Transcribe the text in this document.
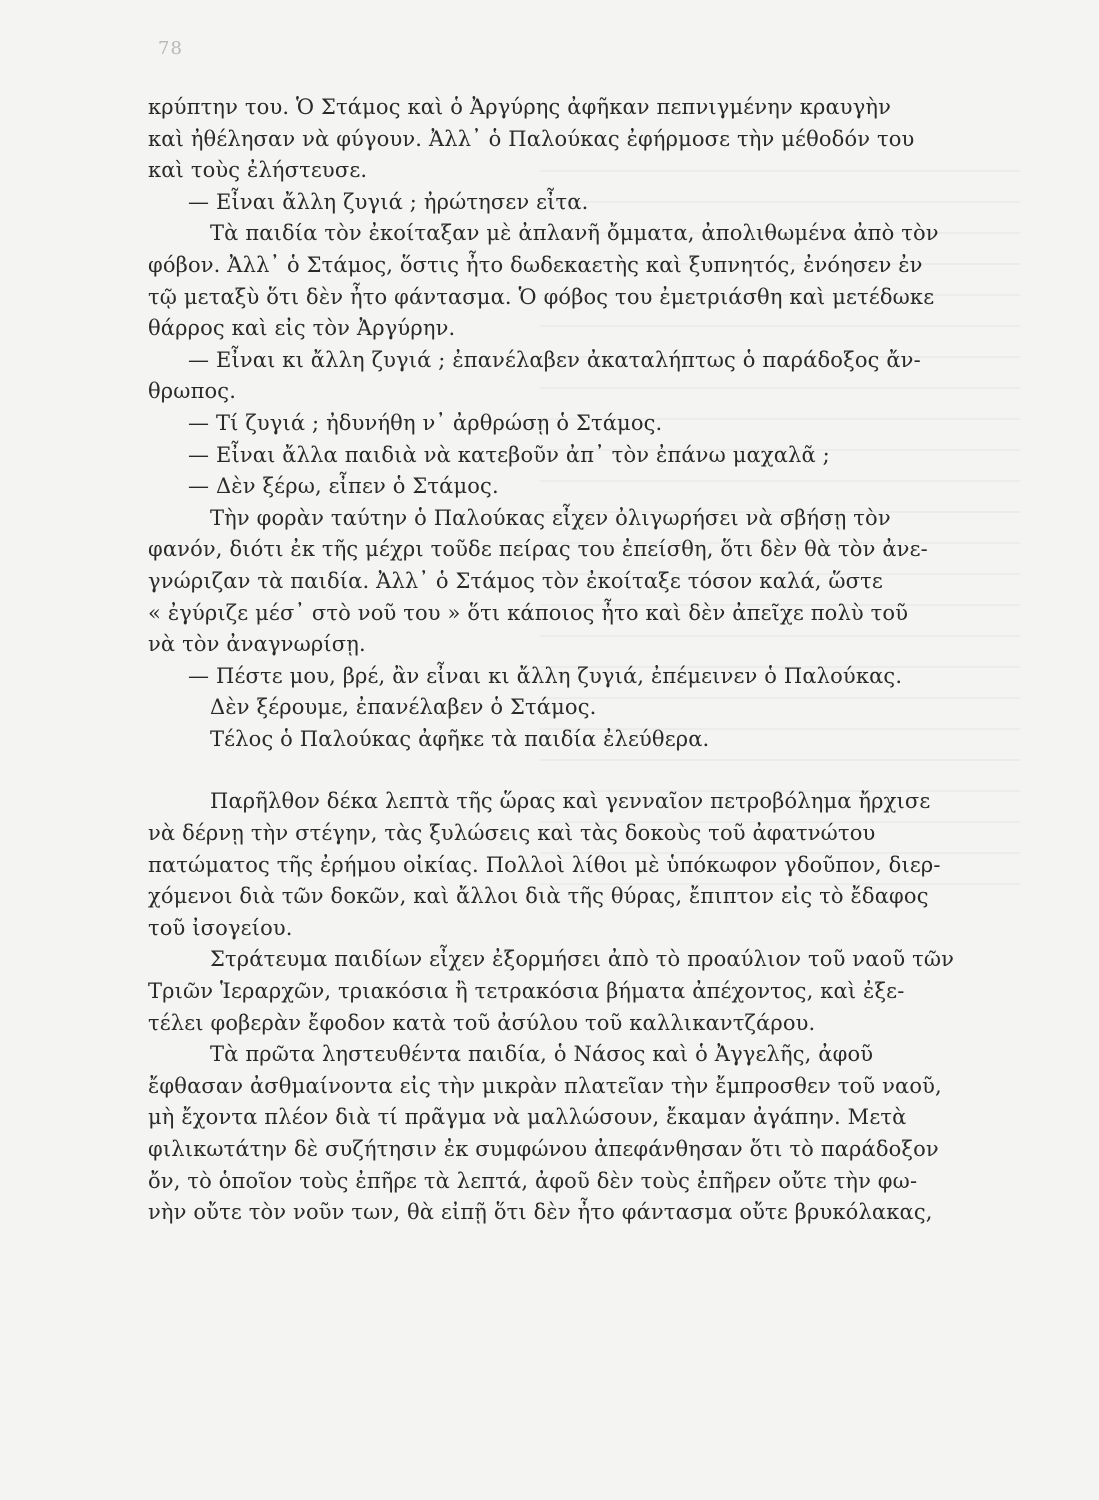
78
κρύπτην του. Ὁ Στάμος καὶ ὁ Ἀργύρης ἀφῆκαν πεπνιγμένην κραυγὴν
καὶ ἠθέλησαν νὰ φύγουν. Ἀλλ᾽ ὁ Παλούκας ἐφήρμοσε τὴν μέθοδόν του
καὶ τοὺς ἐλήστευσε.
— Εἶναι ἄλλη ζυγιά ; ἠρώτησεν εἶτα.
Τὰ παιδία τὸν ἐκοίταξαν μὲ ἀπλανῆ ὄμματα, ἀπολιθωμένα ἀπὸ τὸν
φόβον. Ἀλλ᾽ ὁ Στάμος, ὅστις ἦτο δωδεκαετὴς καὶ ξυπνητός, ἐνόησεν ἐν
τῷ μεταξὺ ὅτι δὲν ἦτο φάντασμα. Ὁ φόβος του ἐμετριάσθη καὶ μετέδωκε
θάρρος καὶ εἰς τὸν Ἀργύρην.
— Εἶναι κι ἄλλη ζυγιά ; ἐπανέλαβεν ἀκαταλήπτως ὁ παράδοξος ἄν-
θρωπος.
— Τί ζυγιά ; ἠδυνήθη ν᾽ ἀρθρώσῃ ὁ Στάμος.
— Εἶναι ἄλλα παιδιὰ νὰ κατεβοῦν ἀπ᾽ τὸν ἐπάνω μαχαλᾶ ;
— Δὲν ξέρω, εἶπεν ὁ Στάμος.
Τὴν φορὰν ταύτην ὁ Παλούκας εἶχεν ὀλιγωρήσει νὰ σβήσῃ τὸν
φανόν, διότι ἐκ τῆς μέχρι τοῦδε πείρας του ἐπείσθη, ὅτι δὲν θὰ τὸν ἀνε-
γνώριζαν τὰ παιδία. Ἀλλ᾽ ὁ Στάμος τὸν ἐκοίταξε τόσον καλά, ὥστε
« ἐγύριζε μέσ᾽ στὸ νοῦ του » ὅτι κάποιος ἦτο καὶ δὲν ἀπεῖχε πολὺ τοῦ
νὰ τὸν ἀναγνωρίσῃ.
— Πέστε μου, βρέ, ἂν εἶναι κι ἄλλη ζυγιά, ἐπέμεινεν ὁ Παλούκας.
Δὲν ξέρουμε, ἐπανέλαβεν ὁ Στάμος.
Τέλος ὁ Παλούκας ἀφῆκε τὰ παιδία ἐλεύθερα.
Παρῆλθον δέκα λεπτὰ τῆς ὥρας καὶ γενναῖον πετροβόλημα ἤρχισε
νὰ δέρνῃ τὴν στέγην, τὰς ξυλώσεις καὶ τὰς δοκοὺς τοῦ ἀφατνώτου
πατώματος τῆς ἐρήμου οἰκίας. Πολλοὶ λίθοι μὲ ὑπόκωφον γδοῦπον, διερ-
χόμενοι διὰ τῶν δοκῶν, καὶ ἄλλοι διὰ τῆς θύρας, ἔπιπτον εἰς τὸ ἔδαφος
τοῦ ἰσογείου.
Στράτευμα παιδίων εἶχεν ἐξορμήσει ἀπὸ τὸ προαύλιον τοῦ ναοῦ τῶν
Τριῶν Ἱεραρχῶν, τριακόσια ἢ τετρακόσια βήματα ἀπέχοντος, καὶ ἐξε-
τέλει φοβερὰν ἔφοδον κατὰ τοῦ ἀσύλου τοῦ καλλικαντζάρου.
Τὰ πρῶτα ληστευθέντα παιδία, ὁ Νάσος καὶ ὁ Ἀγγελῆς, ἀφοῦ
ἔφθασαν ἀσθμαίνοντα εἰς τὴν μικρὰν πλατεῖαν τὴν ἔμπροσθεν τοῦ ναοῦ,
μὴ ἔχοντα πλέον διὰ τί πρᾶγμα νὰ μαλλώσουν, ἔκαμαν ἀγάπην. Μετὰ
φιλικωτάτην δὲ συζήτησιν ἐκ συμφώνου ἀπεφάνθησαν ὅτι τὸ παράδοξον
ὄν, τὸ ὁποῖον τοὺς ἐπῆρε τὰ λεπτά, ἀφοῦ δὲν τοὺς ἐπῆρεν οὔτε τὴν φω-
νὴν οὔτε τὸν νοῦν των, θὰ εἰπῇ ὅτι δὲν ἦτο φάντασμα οὔτε βρυκόλακας,
